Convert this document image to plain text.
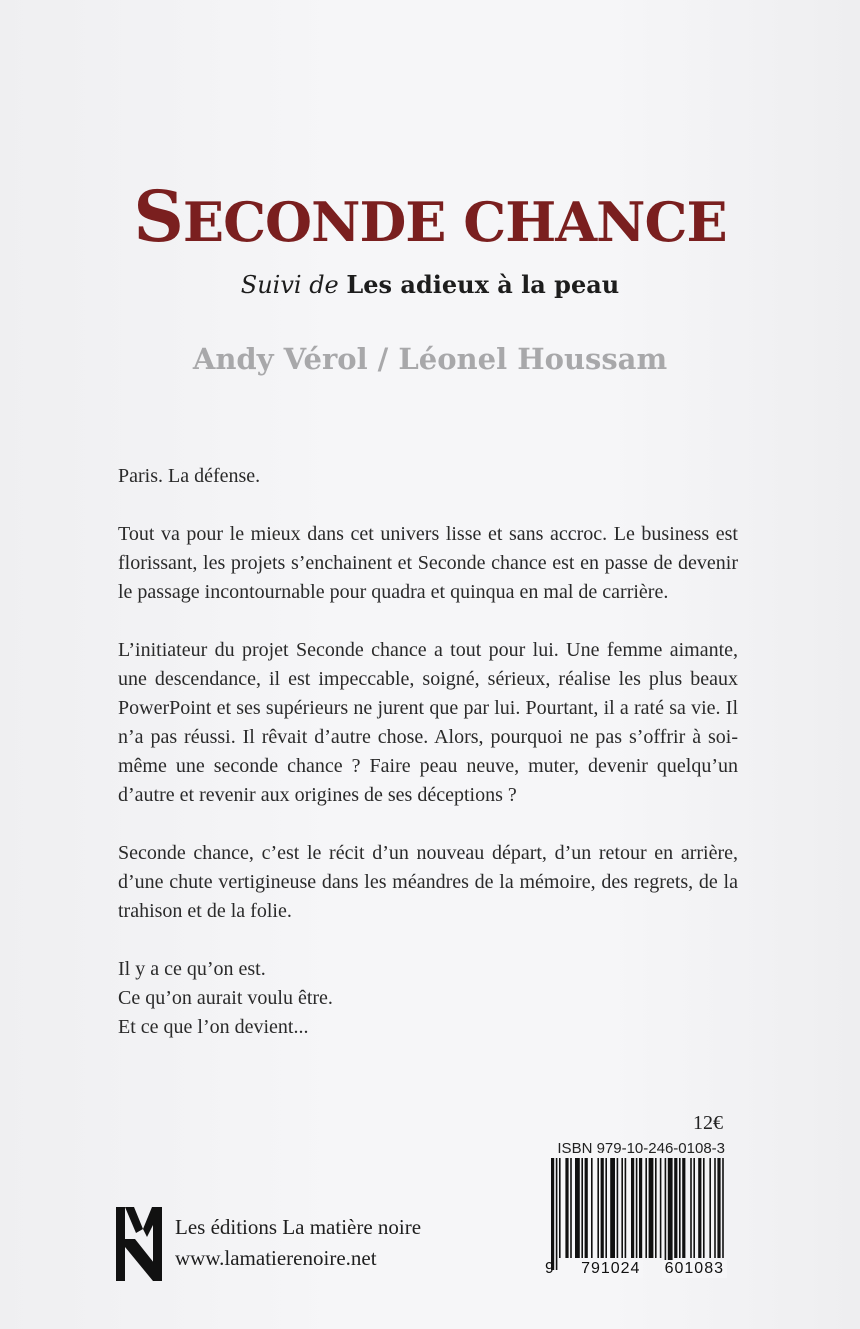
SECONDE CHANCE
Suivi de Les adieux à la peau
Andy Vérol / Léonel Houssam

Paris. La défense.

Tout va pour le mieux dans cet univers lisse et sans accroc. Le business est florissant, les projets s’enchainent et Seconde chance est en passe de devenir le passage incontournable pour quadra et quinqua en mal de carrière.

L’initiateur du projet Seconde chance a tout pour lui. Une femme aimante, une descendance, il est impeccable, soigné, sérieux, réalise les plus beaux PowerPoint et ses supérieurs ne jurent que par lui. Pourtant, il a raté sa vie. Il n’a pas réussi. Il rêvait d’autre chose. Alors, pourquoi ne pas s’offrir à soi-même une seconde chance ? Faire peau neuve, muter, devenir quelqu’un d’autre et revenir aux origines de ses déceptions ?

Seconde chance, c’est le récit d’un nouveau départ, d’un retour en arrière, d’une chute vertigineuse dans les méandres de la mémoire, des regrets, de la trahison et de la folie.

Il y a ce qu’on est.
Ce qu’on aurait voulu être.
Et ce que l’on devient...

12€
ISBN 979-10-246-0108-3
9 791024 601083
Les éditions La matière noire
www.lamatierenoire.net
